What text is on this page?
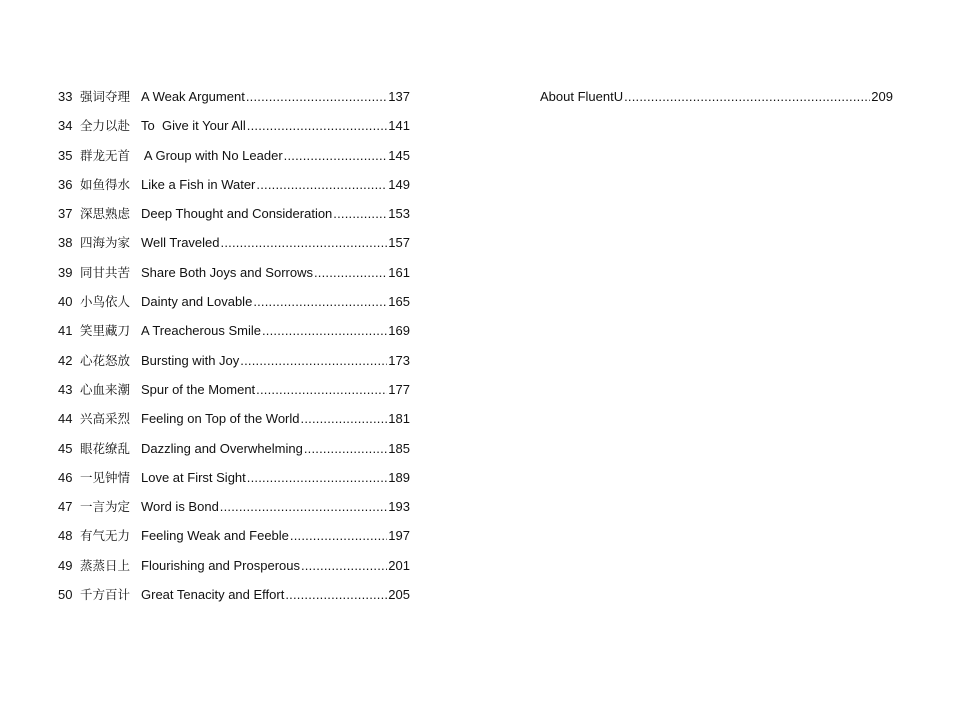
33 强词夺理 A Weak Argument .....	137
34 全力以赴 To  Give it Your All .....	141
35 群龙无首 A Group with No Leader .....	145
36 如鱼得水 Like a Fish in Water .....	149
37 深思熟虑 Deep Thought and Consideration .....	153
38 四海为家 Well Traveled .....	157
39 同甘共苦 Share Both Joys and Sorrows .....	161
40 小鸟依人 Dainty and Lovable .....	165
41 笑里藏刀 A Treacherous Smile .....	169
42 心花怒放 Bursting with Joy .....	173
43 心血来潮 Spur of the Moment .....	177
44 兴高采烈 Feeling on Top of the World .....	181
45 眼花缭乱 Dazzling and Overwhelming .....	185
46 一见钟情 Love at First Sight .....	189
47 一言为定 Word is Bond .....	193
48 有气无力 Feeling Weak and Feeble .....	197
49 蒸蒸日上 Flourishing and Prosperous .....	201
50 千方百计 Great Tenacity and Effort .....	205
About FluentU .....	209
